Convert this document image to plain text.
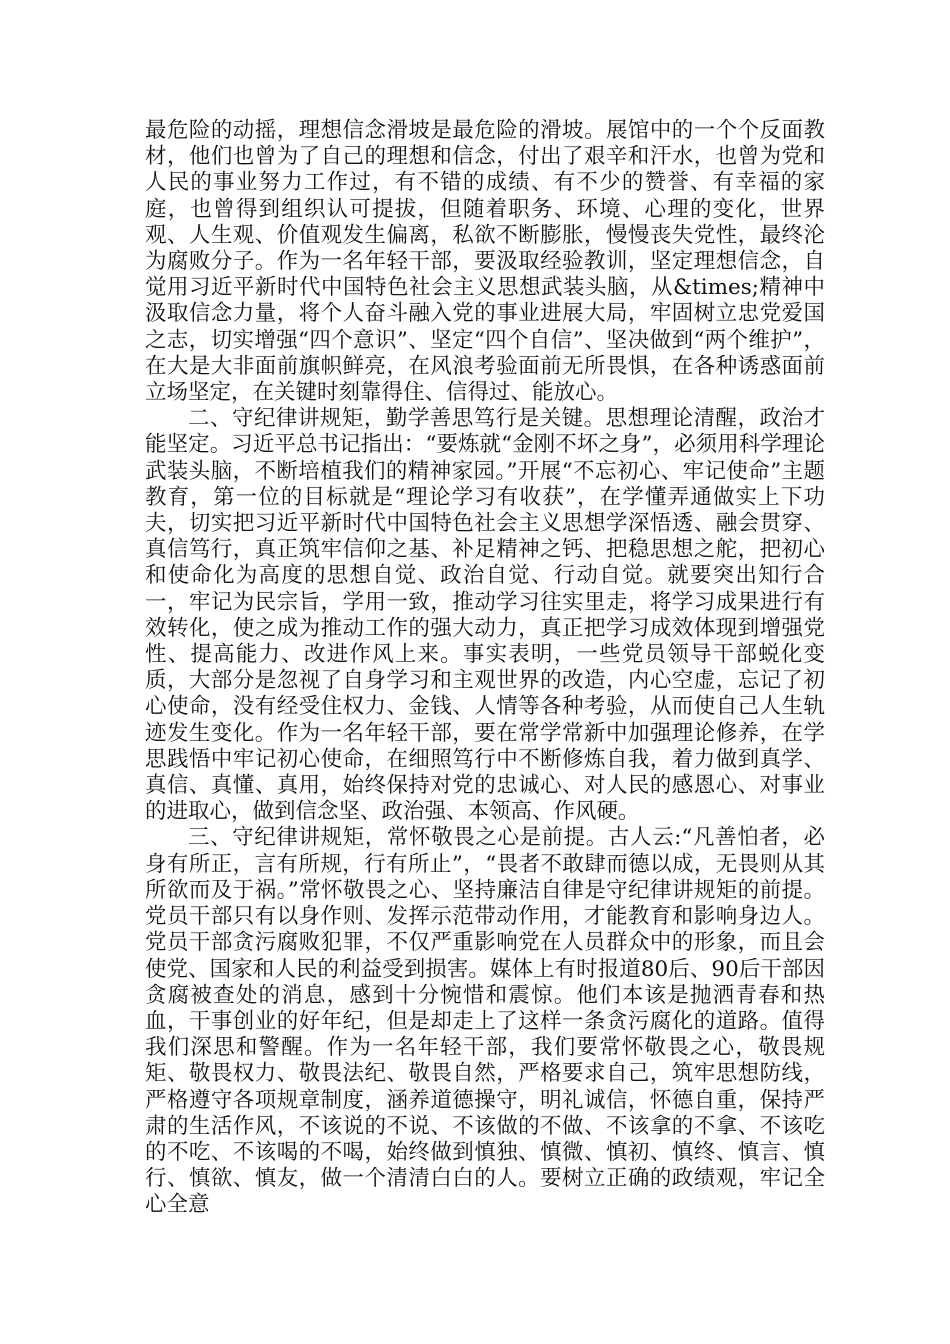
最危险的动摇，理想信念滑坡是最危险的滑坡。展馆中的一个个反面教材，他们也曾为了自己的理想和信念，付出了艰辛和汗水，也曾为党和人民的事业努力工作过，有不错的成绩、有不少的赞誉、有幸福的家庭，也曾得到组织认可提拔，但随着职务、环境、心理的变化，世界观、人生观、价值观发生偏离，私欲不断膨胀，慢慢丧失党性，最终沦为腐败分子。作为一名年轻干部，要汲取经验教训，坚定理想信念，自觉用习近平新时代中国特色社会主义思想武装头脑，从&times;精神中汲取信念力量，将个人奋斗融入党的事业进展大局，牢固树立忠党爱国之志，切实增强“四个意识”、坚定“四个自信”、坚决做到“两个维护”，在大是大非面前旗帜鲜亮，在风浪考验面前无所畏惧，在各种诱惑面前立场坚定，在关键时刻靠得住、信得过、能放心。

二、守纪律讲规矩，勤学善思笃行是关键。思想理论清醒，政治才能坚定。习近平总书记指出：“要炼就“金刚不坏之身”，必须用科学理论武装头脑，不断培植我们的精神家园。”开展“不忘初心、牢记使命”主题教育，第一位的目标就是“理论学习有收获”，在学懂弄通做实上下功夫，切实把习近平新时代中国特色社会主义思想学深悟透、融会贯穿、真信笃行，真正筑牢信仰之基、补足精神之钙、把稳思想之舵，把初心和使命化为高度的思想自觉、政治自觉、行动自觉。就要突出知行合一，牢记为民宗旨，学用一致，推动学习往实里走，将学习成果进行有效转化，使之成为推动工作的强大动力，真正把学习成效体现到增强党性、提高能力、改进作风上来。事实表明，一些党员领导干部蜕化变质，大部分是忽视了自身学习和主观世界的改造，内心空虚，忘记了初心使命，没有经受住权力、金钱、人情等各种考验，从而使自己人生轨迹发生变化。作为一名年轻干部，要在常学常新中加强理论修养，在学思践悟中牢记初心使命，在细照笃行中不断修炼自我，着力做到真学、真信、真懂、真用，始终保持对党的忠诚心、对人民的感恩心、对事业的进取心，做到信念坚、政治强、本领高、作风硬。

三、守纪律讲规矩，常怀敬畏之心是前提。古人云:“凡善怕者，必身有所正，言有所规，行有所止”，“畏者不敢肆而德以成，无畏则从其所欲而及于祸。”常怀敬畏之心、坚持廉洁自律是守纪律讲规矩的前提。党员干部只有以身作则、发挥示范带动作用，才能教育和影响身边人。党员干部贪污腐败犯罪，不仅严重影响党在人员群众中的形象，而且会使党、国家和人民的利益受到损害。媒体上有时报道80后、90后干部因贪腐被查处的消息，感到十分惋惜和震惊。他们本该是抛洒青春和热血，干事创业的好年纪，但是却走上了这样一条贪污腐化的道路。值得我们深思和警醒。作为一名年轻干部，我们要常怀敬畏之心，敬畏规矩、敬畏权力、敬畏法纪、敬畏自然，严格要求自己，筑牢思想防线，严格遵守各项规章制度，涵养道德操守，明礼诚信，怀德自重，保持严肃的生活作风，不该说的不说、不该做的不做、不该拿的不拿、不该吃的不吃、不该喝的不喝，始终做到慎独、慎微、慎初、慎终、慎言、慎行、慎欲、慎友，做一个清清白白的人。要树立正确的政绩观，牢记全心全意
